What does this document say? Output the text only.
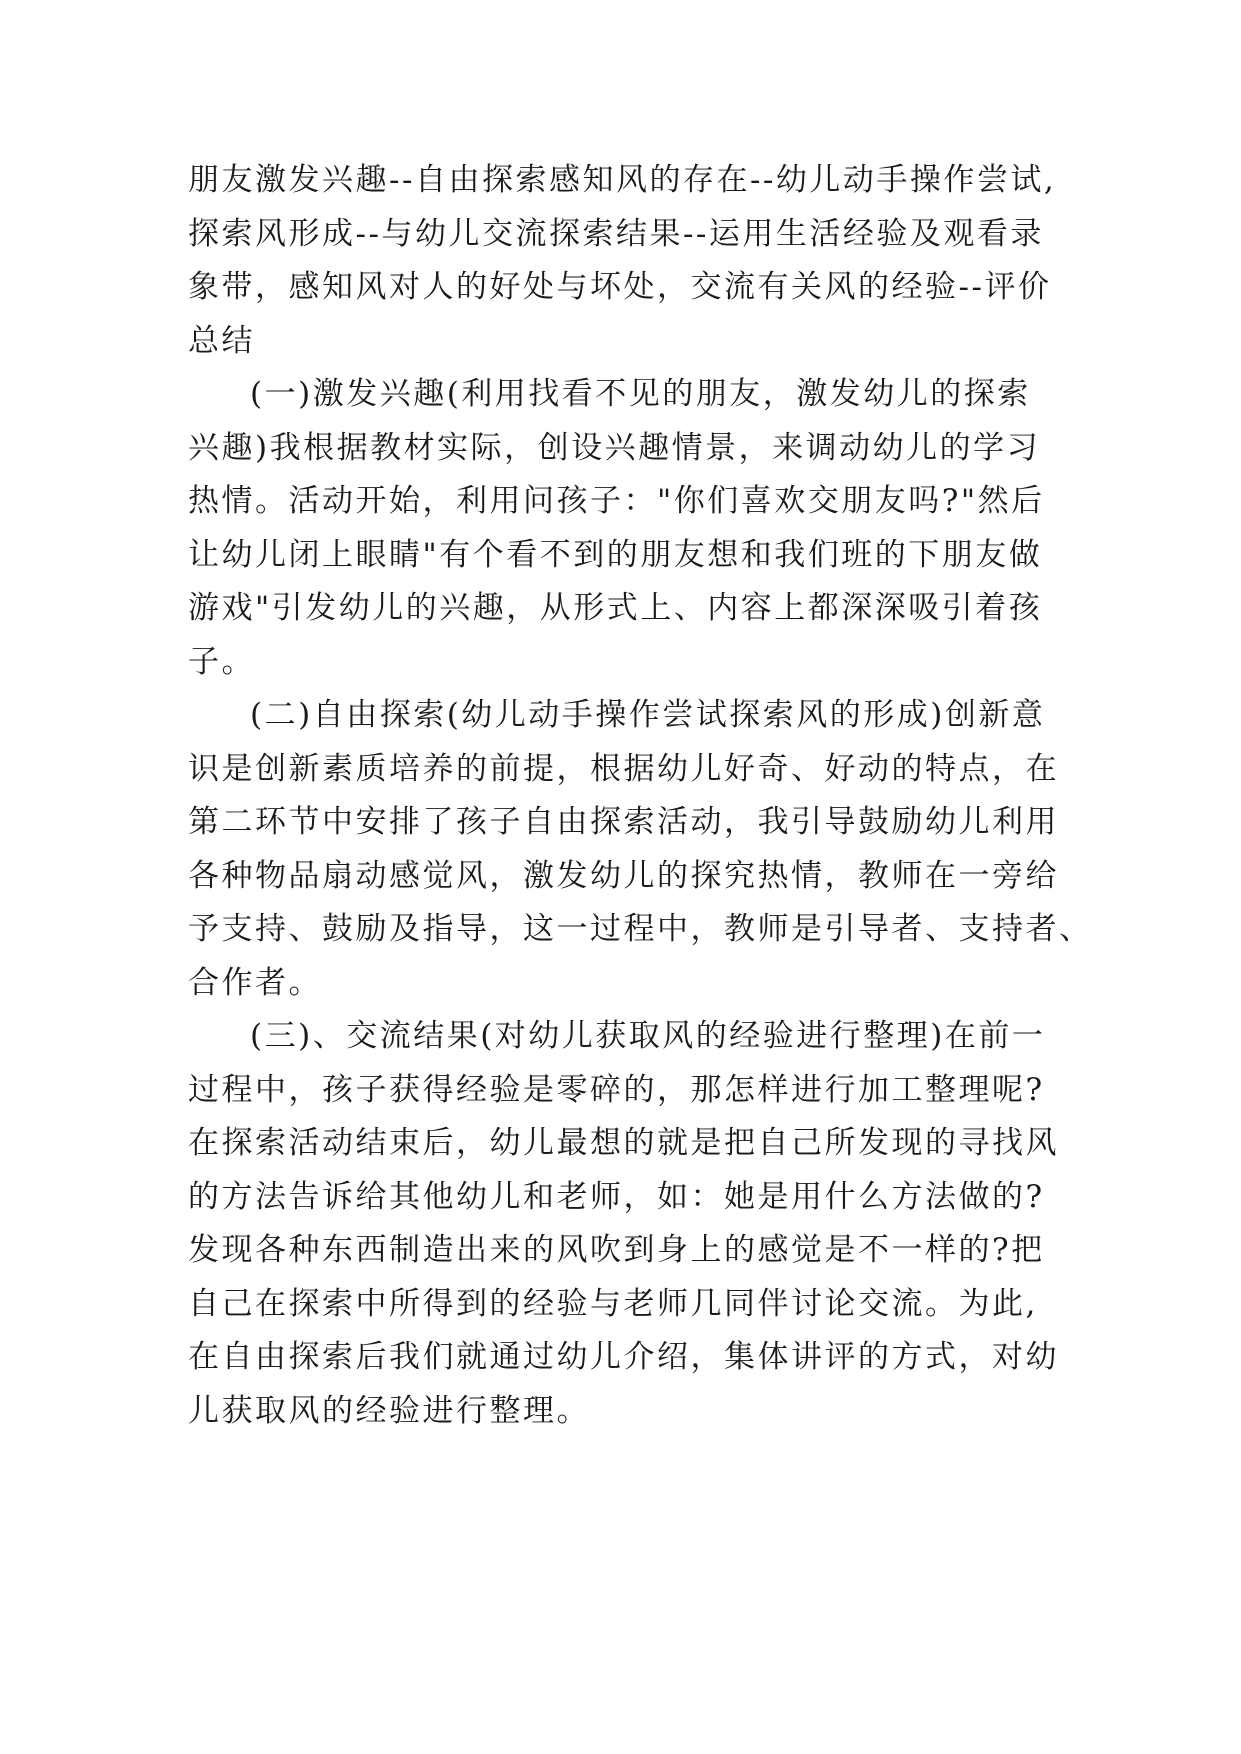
朋友激发兴趣--自由探索感知风的存在--幼儿动手操作尝试,
探索风形成--与幼儿交流探索结果--运用生活经验及观看录
象带，感知风对人的好处与坏处，交流有关风的经验--评价
总结

(一)激发兴趣(利用找看不见的朋友，激发幼儿的探索
兴趣)我根据教材实际，创设兴趣情景，来调动幼儿的学习
热情。活动开始，利用问孩子："你们喜欢交朋友吗?"然后
让幼儿闭上眼睛"有个看不到的朋友想和我们班的下朋友做
游戏"引发幼儿的兴趣，从形式上、内容上都深深吸引着孩
子。

(二)自由探索(幼儿动手操作尝试探索风的形成)创新意
识是创新素质培养的前提，根据幼儿好奇、好动的特点，在
第二环节中安排了孩子自由探索活动，我引导鼓励幼儿利用
各种物品扇动感觉风，激发幼儿的探究热情，教师在一旁给
予支持、鼓励及指导，这一过程中，教师是引导者、支持者、
合作者。

(三)、交流结果(对幼儿获取风的经验进行整理)在前一
过程中，孩子获得经验是零碎的，那怎样进行加工整理呢?
在探索活动结束后，幼儿最想的就是把自己所发现的寻找风
的方法告诉给其他幼儿和老师，如：她是用什么方法做的?
发现各种东西制造出来的风吹到身上的感觉是不一样的?把
自己在探索中所得到的经验与老师几同伴讨论交流。为此,
在自由探索后我们就通过幼儿介绍，集体讲评的方式，对幼
儿获取风的经验进行整理。
